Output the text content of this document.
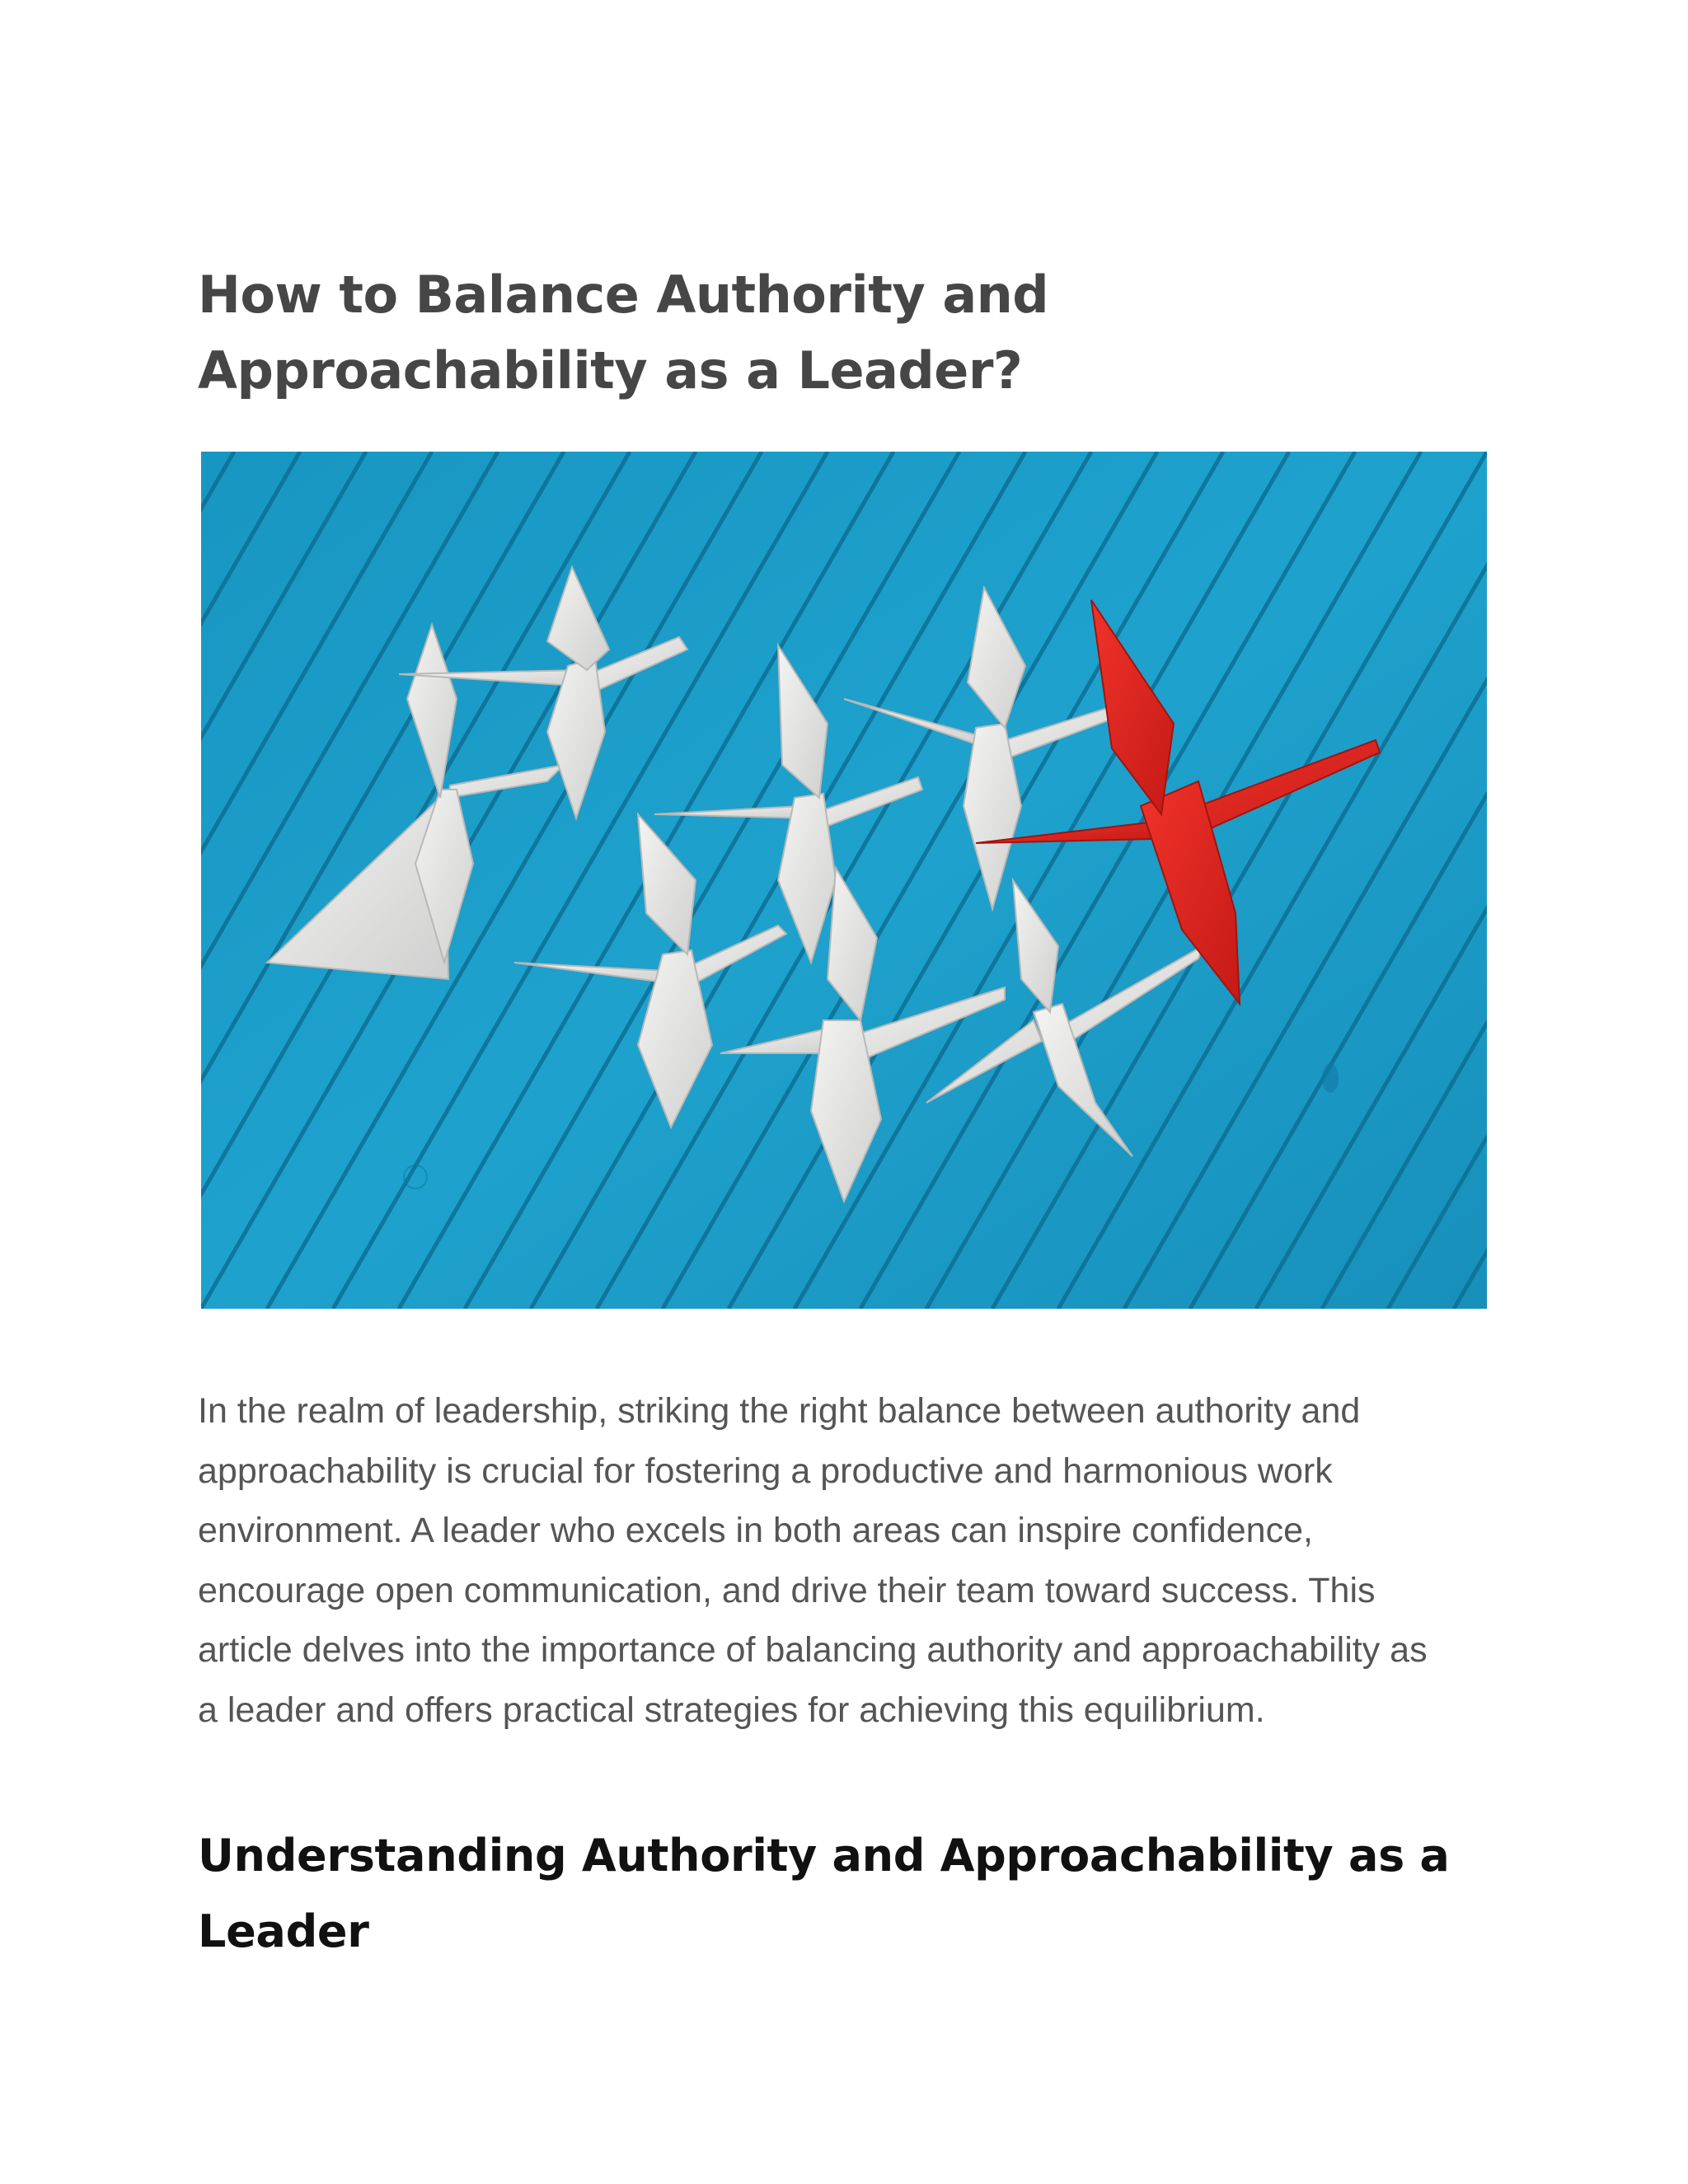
How to Balance Authority and Approachability as a Leader?

In the realm of leadership, striking the right balance between authority and approachability is crucial for fostering a productive and harmonious work environment. A leader who excels in both areas can inspire confidence, encourage open communication, and drive their team toward success. This article delves into the importance of balancing authority and approachability as a leader and offers practical strategies for achieving this equilibrium.

Understanding Authority and Approachability as a Leader
